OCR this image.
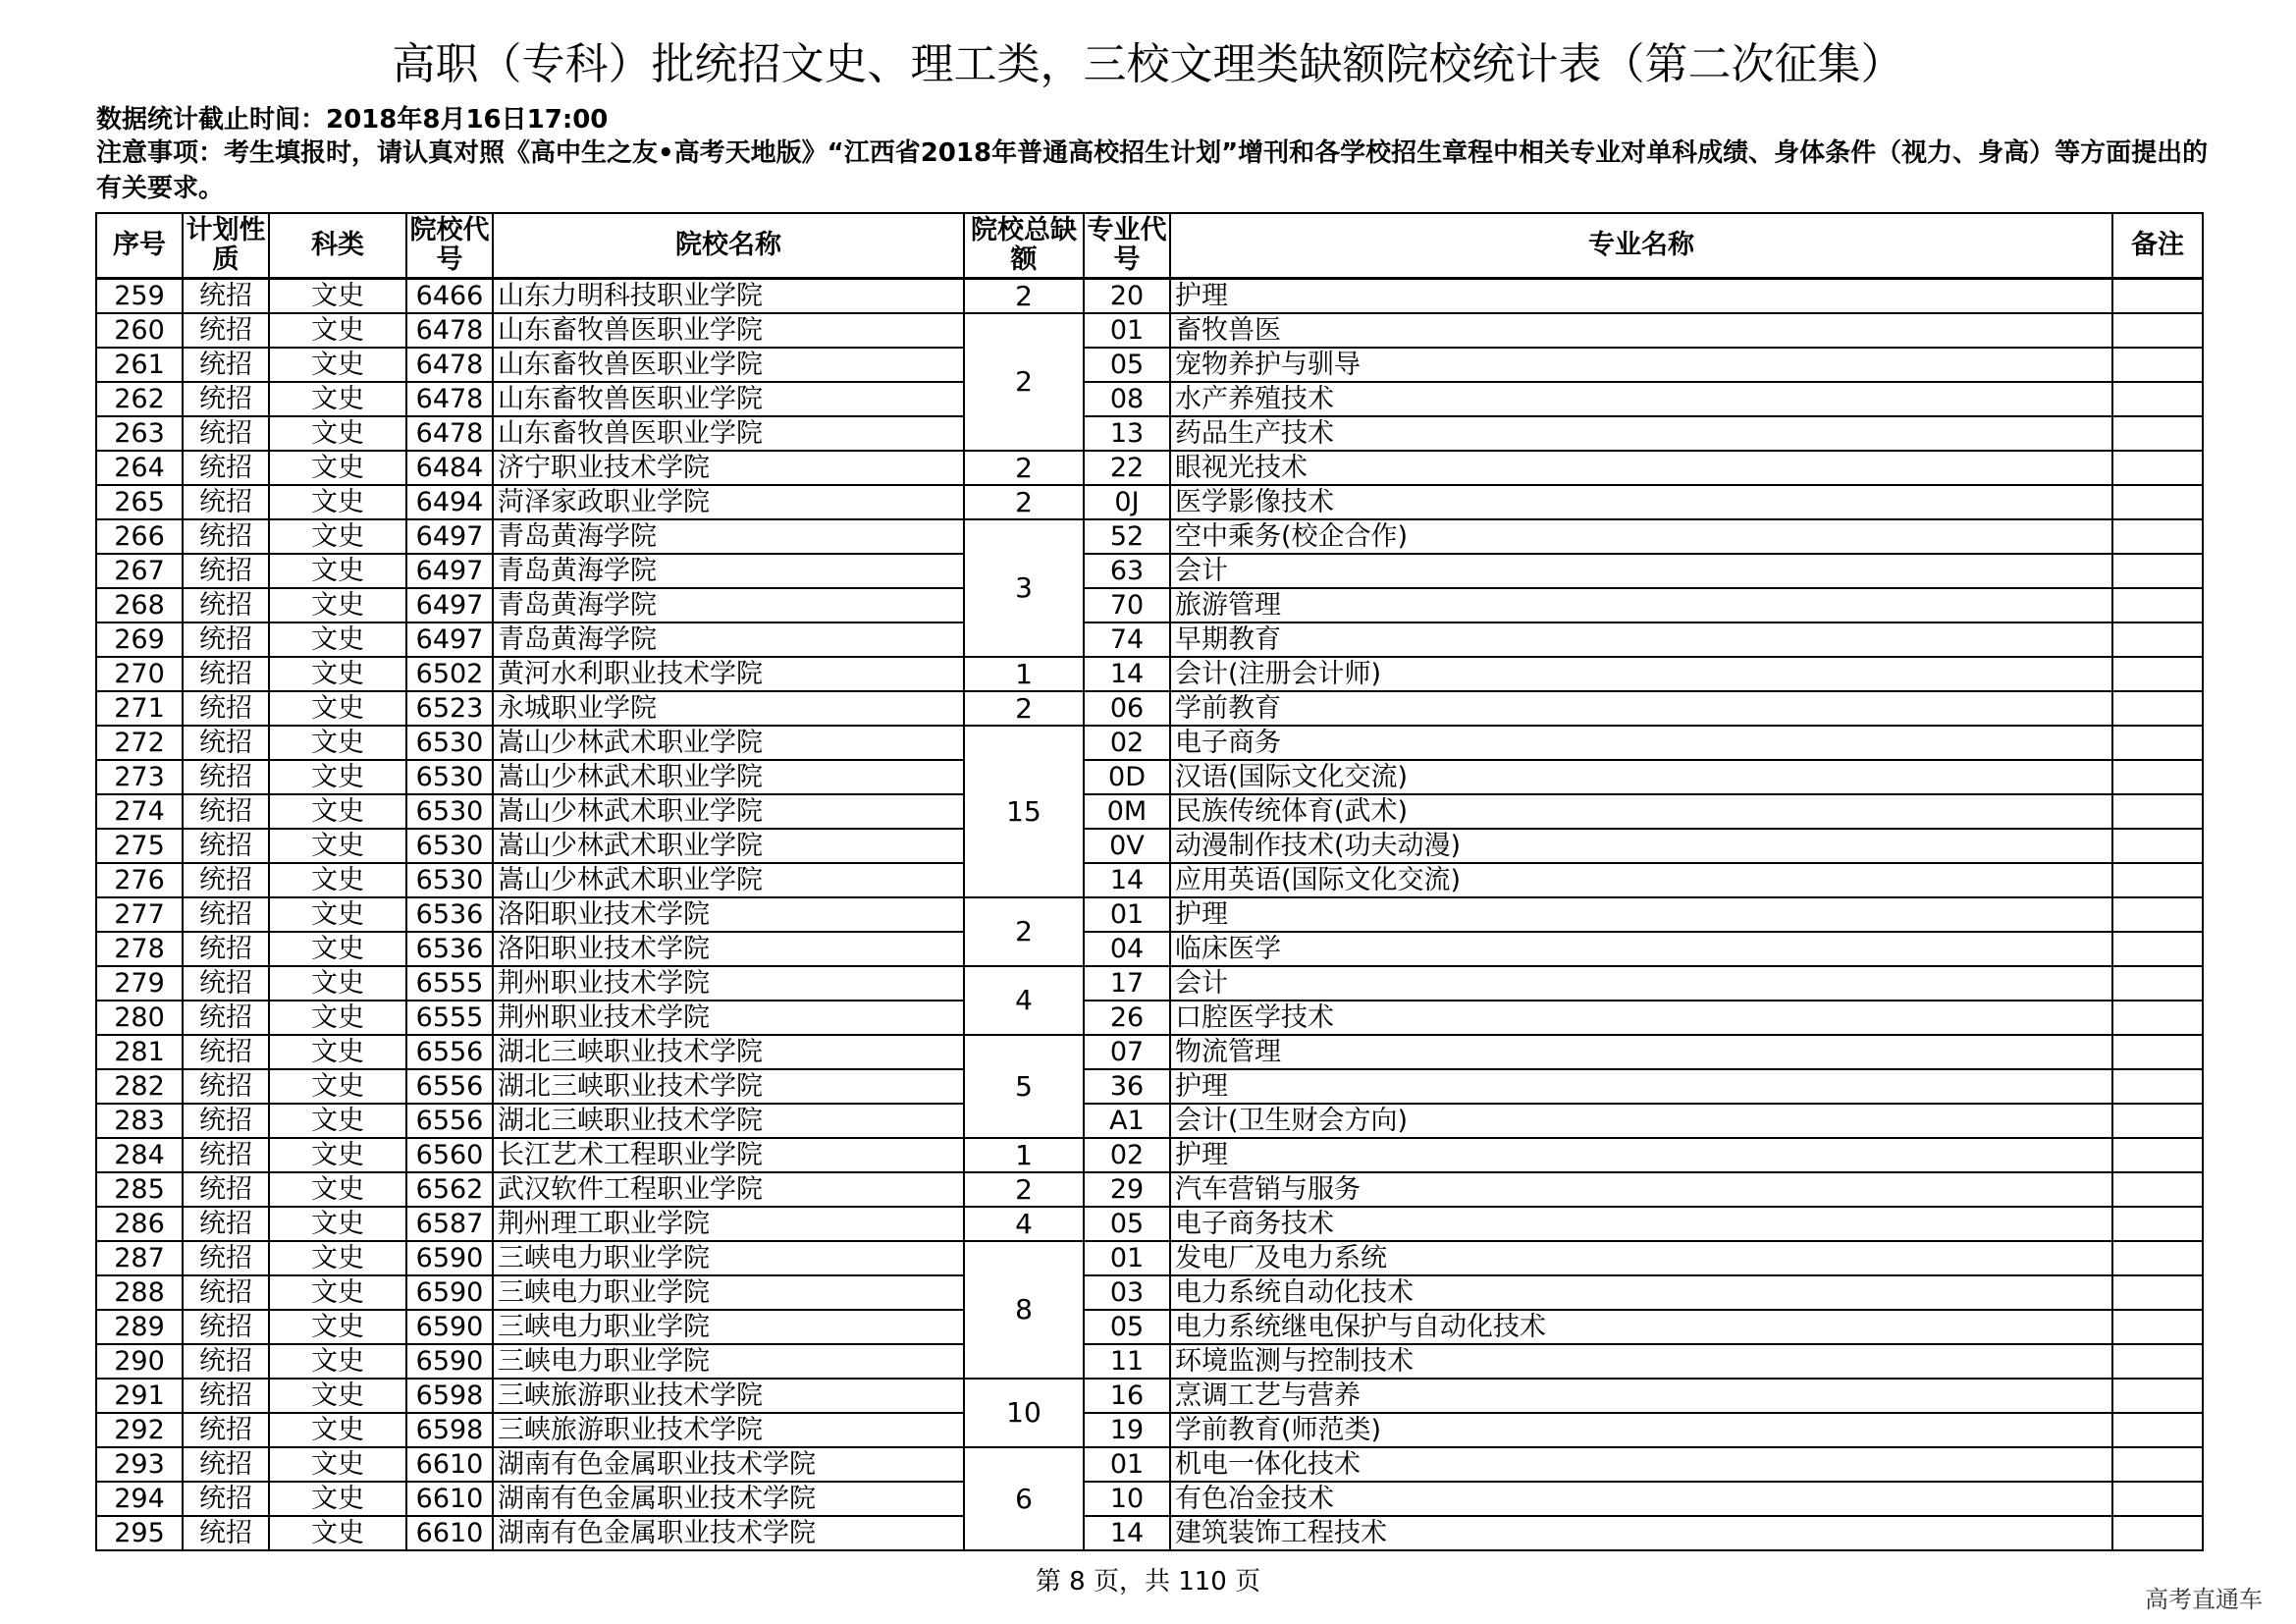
高职（专科）批统招文史、理工类，三校文理类缺额院校统计表（第二次征集）
数据统计截止时间：2018年8月16日17:00
注意事项：考生填报时，请认真对照《高中生之友•高考天地版》“江西省2018年普通高校招生计划”增刊和各学校招生章程中相关专业对单科成绩、身体条件（视力、身高）等方面提出的有关要求。
序号	计划性质	科类	院校代号	院校名称	院校总缺额	专业代号	专业名称	备注
259	统招	文史	6466	山东力明科技职业学院	2	20	护理	
260	统招	文史	6478	山东畜牧兽医职业学院	2	01	畜牧兽医	
261	统招	文史	6478	山东畜牧兽医职业学院		05	宠物养护与驯导	
262	统招	文史	6478	山东畜牧兽医职业学院		08	水产养殖技术	
263	统招	文史	6478	山东畜牧兽医职业学院		13	药品生产技术	
264	统招	文史	6484	济宁职业技术学院	2	22	眼视光技术	
265	统招	文史	6494	菏泽家政职业学院	2	0J	医学影像技术	
266	统招	文史	6497	青岛黄海学院	3	52	空中乘务(校企合作)	
267	统招	文史	6497	青岛黄海学院		63	会计	
268	统招	文史	6497	青岛黄海学院		70	旅游管理	
269	统招	文史	6497	青岛黄海学院		74	早期教育	
270	统招	文史	6502	黄河水利职业技术学院	1	14	会计(注册会计师)	
271	统招	文史	6523	永城职业学院	2	06	学前教育	
272	统招	文史	6530	嵩山少林武术职业学院	15	02	电子商务	
273	统招	文史	6530	嵩山少林武术职业学院		0D	汉语(国际文化交流)	
274	统招	文史	6530	嵩山少林武术职业学院		0M	民族传统体育(武术)	
275	统招	文史	6530	嵩山少林武术职业学院		0V	动漫制作技术(功夫动漫)	
276	统招	文史	6530	嵩山少林武术职业学院		14	应用英语(国际文化交流)	
277	统招	文史	6536	洛阳职业技术学院	2	01	护理	
278	统招	文史	6536	洛阳职业技术学院		04	临床医学	
279	统招	文史	6555	荆州职业技术学院	4	17	会计	
280	统招	文史	6555	荆州职业技术学院		26	口腔医学技术	
281	统招	文史	6556	湖北三峡职业技术学院	5	07	物流管理	
282	统招	文史	6556	湖北三峡职业技术学院		36	护理	
283	统招	文史	6556	湖北三峡职业技术学院		A1	会计(卫生财会方向)	
284	统招	文史	6560	长江艺术工程职业学院	1	02	护理	
285	统招	文史	6562	武汉软件工程职业学院	2	29	汽车营销与服务	
286	统招	文史	6587	荆州理工职业学院	4	05	电子商务技术	
287	统招	文史	6590	三峡电力职业学院	8	01	发电厂及电力系统	
288	统招	文史	6590	三峡电力职业学院		03	电力系统自动化技术	
289	统招	文史	6590	三峡电力职业学院		05	电力系统继电保护与自动化技术	
290	统招	文史	6590	三峡电力职业学院		11	环境监测与控制技术	
291	统招	文史	6598	三峡旅游职业技术学院	10	16	烹调工艺与营养	
292	统招	文史	6598	三峡旅游职业技术学院		19	学前教育(师范类)	
293	统招	文史	6610	湖南有色金属职业技术学院	6	01	机电一体化技术	
294	统招	文史	6610	湖南有色金属职业技术学院		10	有色冶金技术	
295	统招	文史	6610	湖南有色金属职业技术学院		14	建筑装饰工程技术	
第 8 页，共 110 页
高考直通车
